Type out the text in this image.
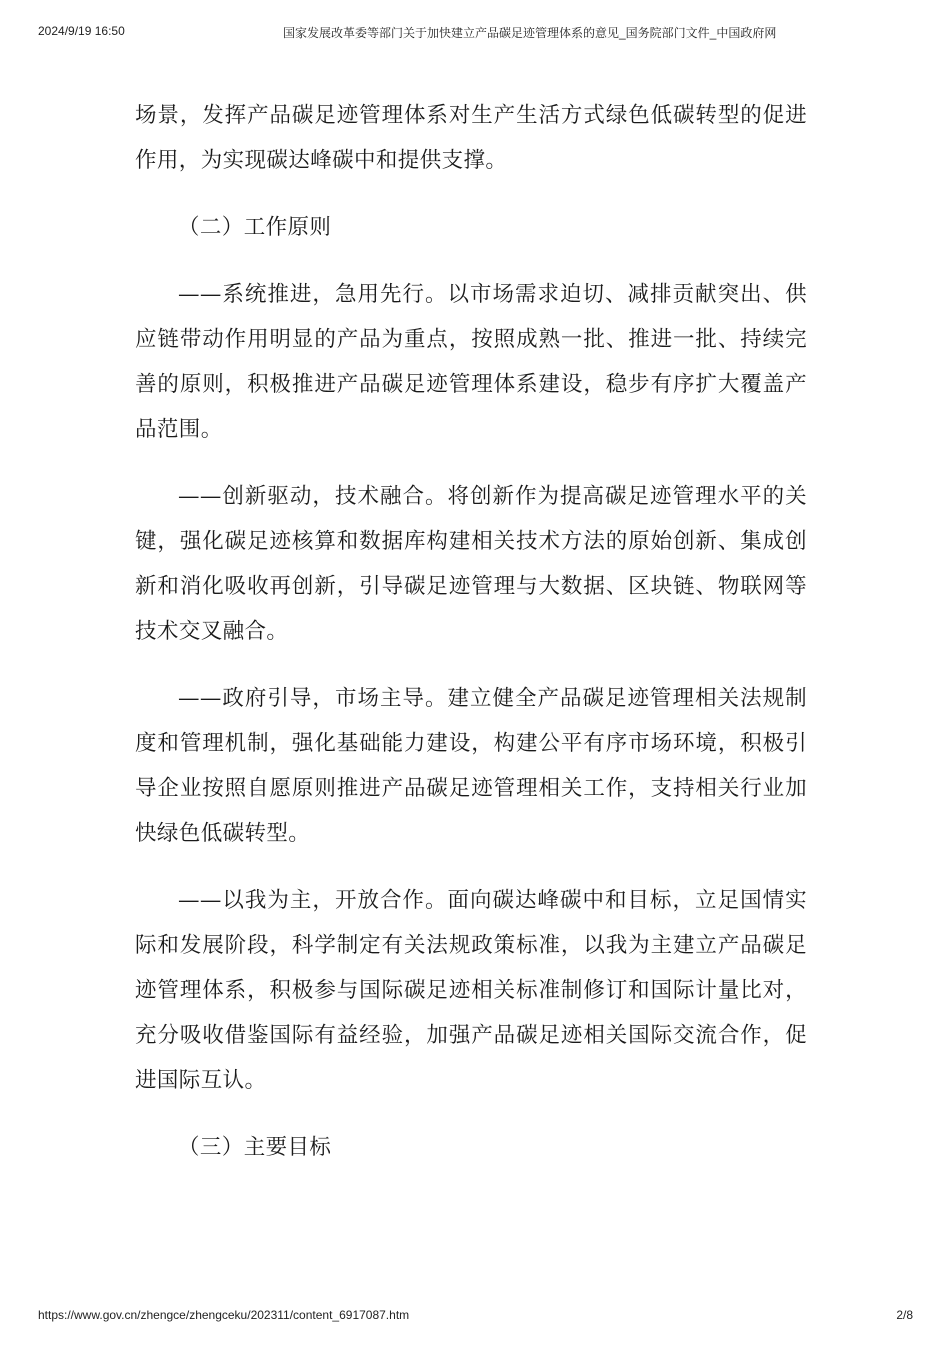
2024/9/19 16:50	国家发展改革委等部门关于加快建立产品碳足迹管理体系的意见_国务院部门文件_中国政府网

场景，发挥产品碳足迹管理体系对生产生活方式绿色低碳转型的促进作用，为实现碳达峰碳中和提供支撑。

（二）工作原则

——系统推进，急用先行。以市场需求迫切、减排贡献突出、供应链带动作用明显的产品为重点，按照成熟一批、推进一批、持续完善的原则，积极推进产品碳足迹管理体系建设，稳步有序扩大覆盖产品范围。

——创新驱动，技术融合。将创新作为提高碳足迹管理水平的关键，强化碳足迹核算和数据库构建相关技术方法的原始创新、集成创新和消化吸收再创新，引导碳足迹管理与大数据、区块链、物联网等技术交叉融合。

——政府引导，市场主导。建立健全产品碳足迹管理相关法规制度和管理机制，强化基础能力建设，构建公平有序市场环境，积极引导企业按照自愿原则推进产品碳足迹管理相关工作，支持相关行业加快绿色低碳转型。

——以我为主，开放合作。面向碳达峰碳中和目标，立足国情实际和发展阶段，科学制定有关法规政策标准，以我为主建立产品碳足迹管理体系，积极参与国际碳足迹相关标准制修订和国际计量比对，充分吸收借鉴国际有益经验，加强产品碳足迹相关国际交流合作，促进国际互认。

（三）主要目标

https://www.gov.cn/zhengce/zhengceku/202311/content_6917087.htm	2/8
